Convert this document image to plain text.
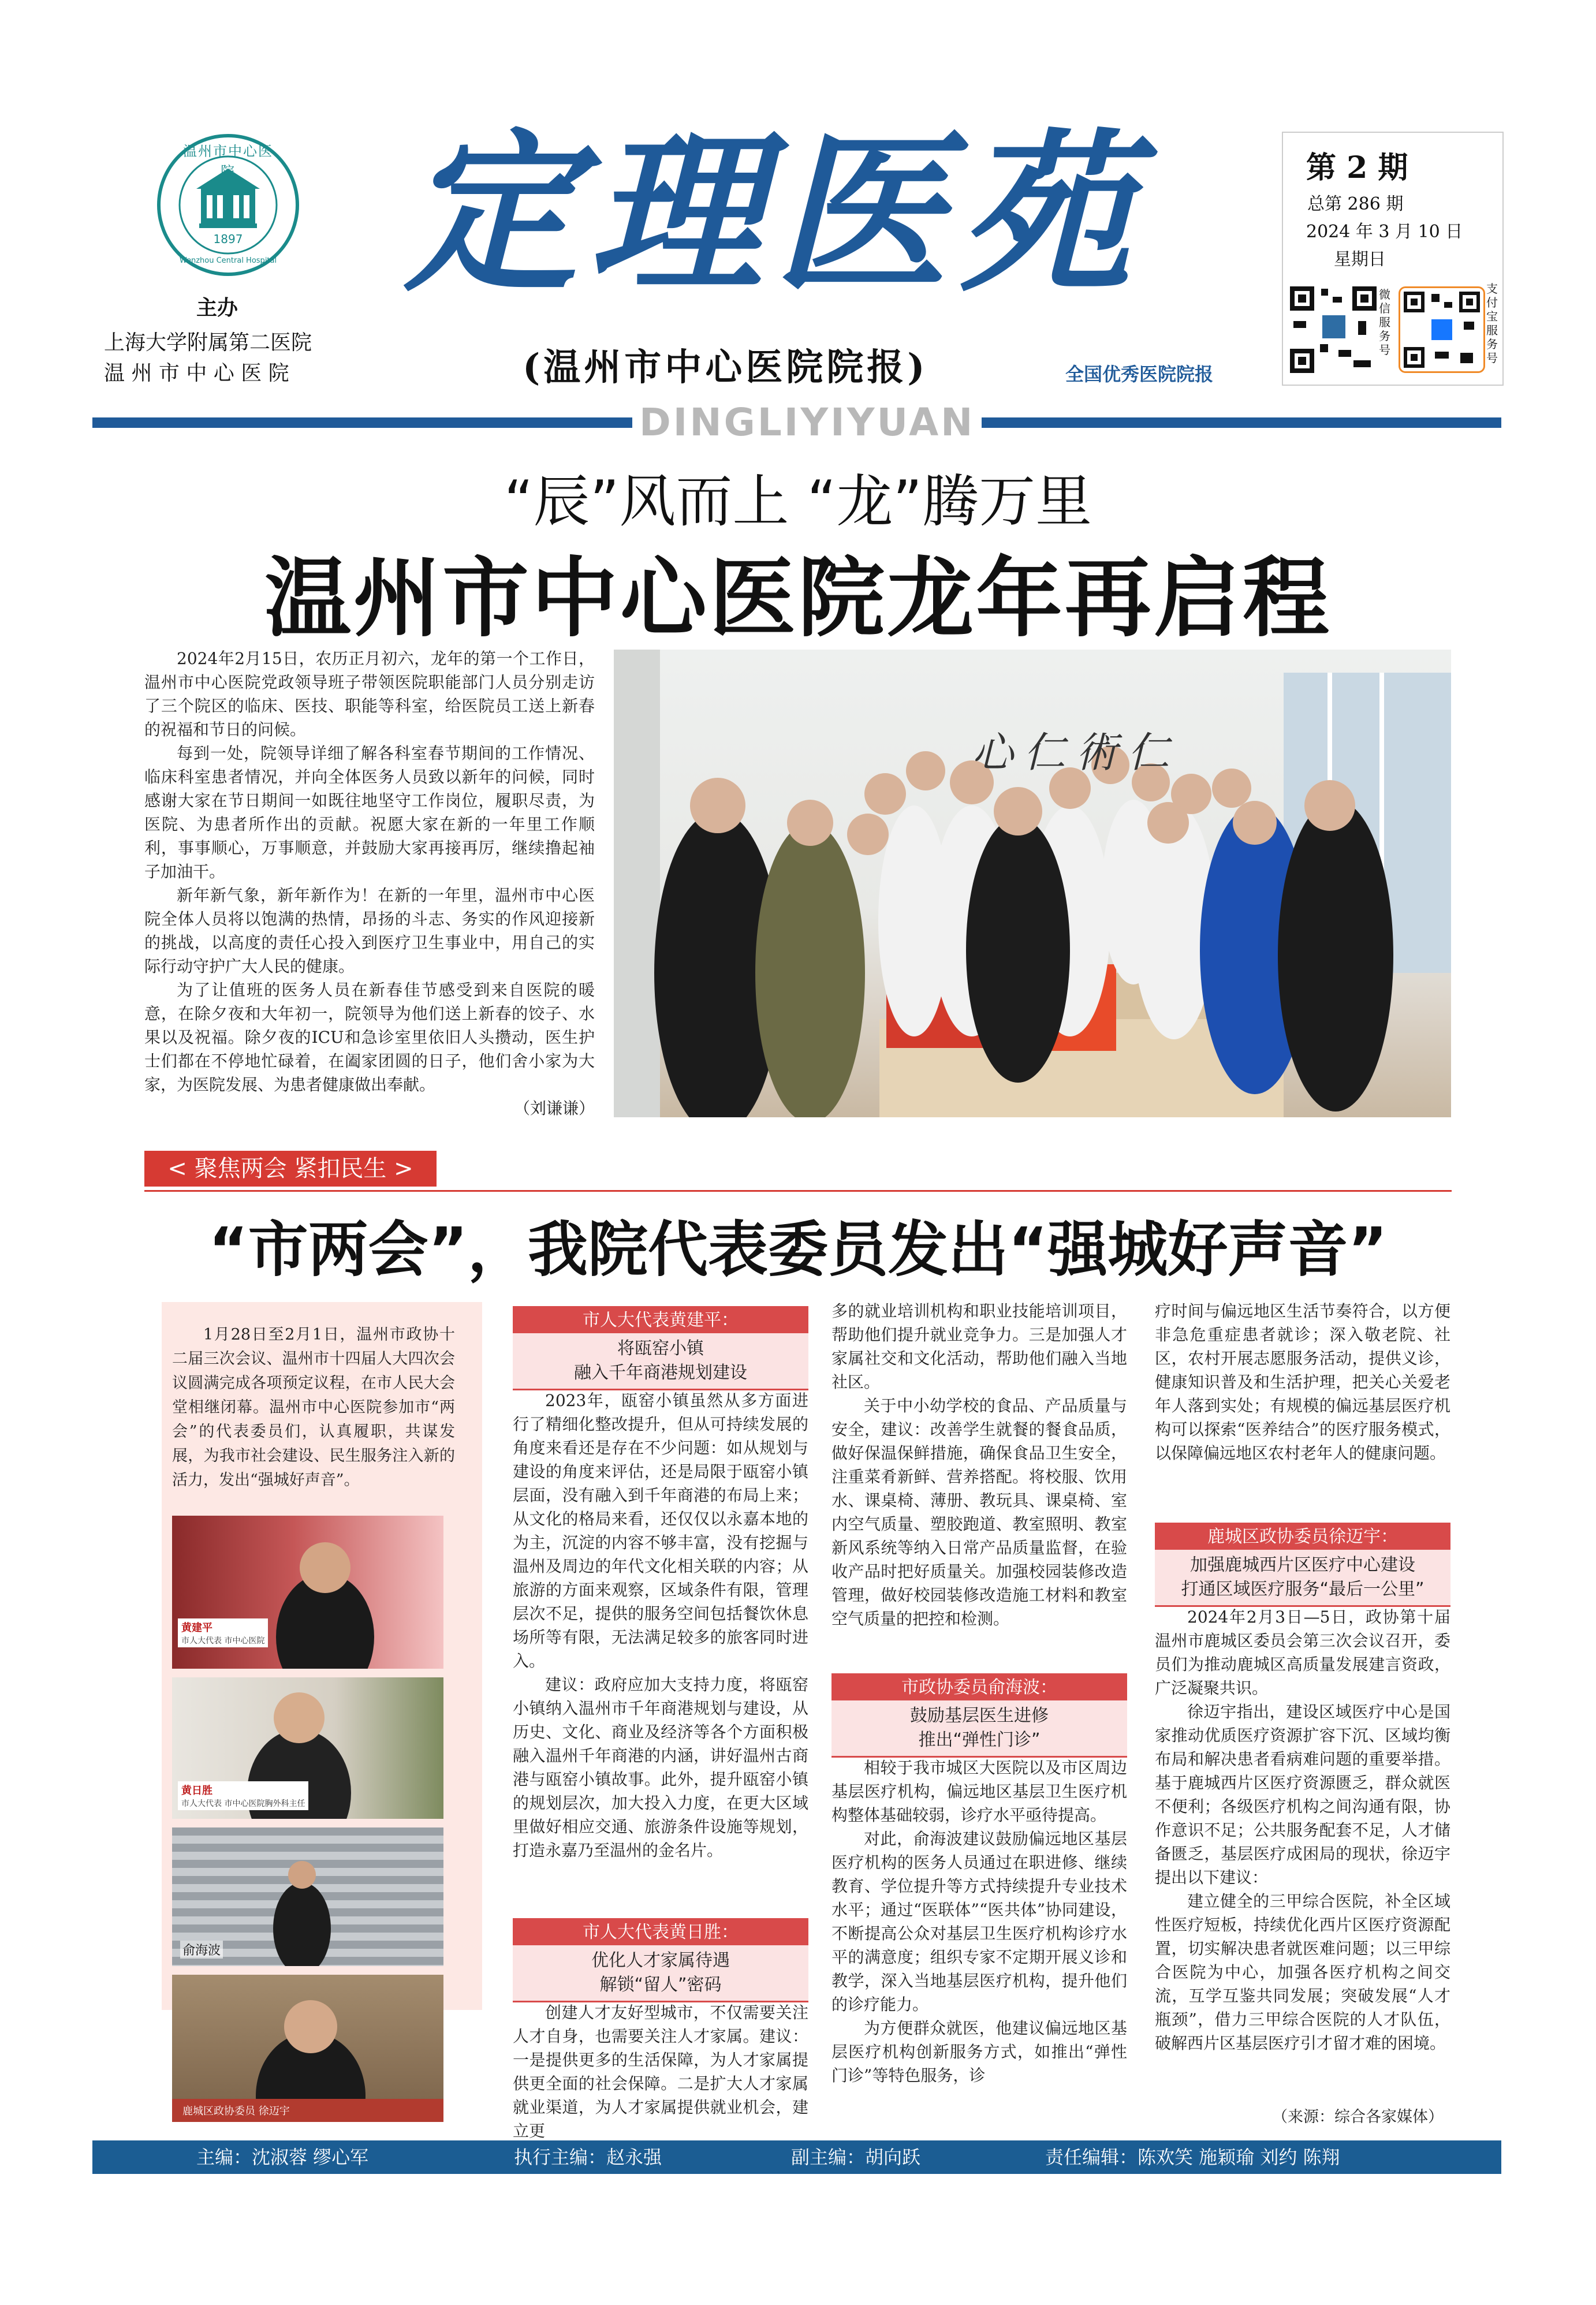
温州市中心医院
1897
Wenzhou Central Hospital
主办
上海大学附属第二医院
温 州 市 中 心 医 院
定理医苑
(温州市中心医院院报)	全国优秀医院院报
DINGLIYIYUAN
第 2 期
总第 286 期
2024 年 3 月 10 日
星期日
微信服务号
支付宝服务号
“辰”风而上 “龙”腾万里
温州市中心医院龙年再启程

2024年2月15日，农历正月初六，龙年的第一个工作日，温州市中心医院党政领导班子带领医院职能部门人员分别走访了三个院区的临床、医技、职能等科室，给医院员工送上新春的祝福和节日的问候。

每到一处，院领导详细了解各科室春节期间的工作情况、临床科室患者情况，并向全体医务人员致以新年的问候，同时感谢大家在节日期间一如既往地坚守工作岗位，履职尽责，为医院、为患者所作出的贡献。祝愿大家在新的一年里工作顺利，事事顺心，万事顺意，并鼓励大家再接再厉，继续撸起袖子加油干。

新年新气象，新年新作为！在新的一年里，温州市中心医院全体人员将以饱满的热情，昂扬的斗志、务实的作风迎接新的挑战，以高度的责任心投入到医疗卫生事业中，用自己的实际行动守护广大人民的健康。

为了让值班的医务人员在新春佳节感受到来自医院的暖意，在除夕夜和大年初一，院领导为他们送上新春的饺子、水果以及祝福。除夕夜的ICU和急诊室里依旧人头攒动，医生护士们都在不停地忙碌着，在阖家团圆的日子，他们舍小家为大家，为医院发展、为患者健康做出奉献。

（刘谦谦）
心仁術仁
< 聚焦两会 紧扣民生 >
“市两会”，我院代表委员发出“强城好声音”

1月28日至2月1日，温州市政协十二届三次会议、温州市十四届人大四次会议圆满完成各项预定议程，在市人民大会堂相继闭幕。温州市中心医院参加市“两会”的代表委员们，认真履职，共谋发展，为我市社会建设、民生服务注入新的活力，发出“强城好声音”。

黄建平
市人大代表 市中心医院
黄日胜
市人大代表 市中心医院胸外科主任
俞海波
鹿城区政协委员 徐迈宇
市人大代表黄建平：
将瓯窑小镇
融入千年商港规划建设

2023年，瓯窑小镇虽然从多方面进行了精细化整改提升，但从可持续发展的角度来看还是存在不少问题：如从规划与建设的角度来评估，还是局限于瓯窑小镇层面，没有融入到千年商港的布局上来；从文化的格局来看，还仅仅以永嘉本地的为主，沉淀的内容不够丰富，没有挖掘与温州及周边的年代文化相关联的内容；从旅游的方面来观察，区域条件有限，管理层次不足，提供的服务空间包括餐饮休息场所等有限，无法满足较多的旅客同时进入。

建议：政府应加大支持力度，将瓯窑小镇纳入温州市千年商港规划与建设，从历史、文化、商业及经济等各个方面积极融入温州千年商港的内涵，讲好温州古商港与瓯窑小镇故事。此外，提升瓯窑小镇的规划层次，加大投入力度，在更大区域里做好相应交通、旅游条件设施等规划，打造永嘉乃至温州的金名片。

市人大代表黄日胜：
优化人才家属待遇
解锁“留人”密码

创建人才友好型城市，不仅需要关注人才自身，也需要关注人才家属。建议：一是提供更多的生活保障，为人才家属提供更全面的社会保障。二是扩大人才家属就业渠道，为人才家属提供就业机会，建立更

多的就业培训机构和职业技能培训项目，帮助他们提升就业竞争力。三是加强人才家属社交和文化活动，帮助他们融入当地社区。

关于中小幼学校的食品、产品质量与安全，建议：改善学生就餐的餐食品质，做好保温保鲜措施，确保食品卫生安全，注重菜肴新鲜、营养搭配。将校服、饮用水、课桌椅、薄册、教玩具、课桌椅、室内空气质量、塑胶跑道、教室照明、教室新风系统等纳入日常产品质量监督，在验收产品时把好质量关。加强校园装修改造管理，做好校园装修改造施工材料和教室空气质量的把控和检测。

市政协委员俞海波：
鼓励基层医生进修
推出“弹性门诊”

相较于我市城区大医院以及市区周边基层医疗机构，偏远地区基层卫生医疗机构整体基础较弱，诊疗水平亟待提高。

对此，俞海波建议鼓励偏远地区基层医疗机构的医务人员通过在职进修、继续教育、学位提升等方式持续提升专业技术水平；通过“医联体”“医共体”协同建设，不断提高公众对基层卫生医疗机构诊疗水平的满意度；组织专家不定期开展义诊和教学，深入当地基层医疗机构，提升他们的诊疗能力。

为方便群众就医，他建议偏远地区基层医疗机构创新服务方式，如推出“弹性门诊”等特色服务，诊

疗时间与偏远地区生活节奏符合，以方便非急危重症患者就诊；深入敬老院、社区，农村开展志愿服务活动，提供义诊，健康知识普及和生活护理，把关心关爱老年人落到实处；有规模的偏远基层医疗机构可以探索“医养结合”的医疗服务模式，以保障偏远地区农村老年人的健康问题。

鹿城区政协委员徐迈宇：
加强鹿城西片区医疗中心建设
打通区域医疗服务“最后一公里”

2024年2月3日—5日，政协第十届温州市鹿城区委员会第三次会议召开，委员们为推动鹿城区高质量发展建言资政，广泛凝聚共识。

徐迈宇指出，建设区域医疗中心是国家推动优质医疗资源扩容下沉、区域均衡布局和解决患者看病难问题的重要举措。基于鹿城西片区医疗资源匮乏，群众就医不便利；各级医疗机构之间沟通有限，协作意识不足；公共服务配套不足，人才储备匮乏，基层医疗成困局的现状，徐迈宇提出以下建议：

建立健全的三甲综合医院，补全区域性医疗短板，持续优化西片区医疗资源配置，切实解决患者就医难问题；以三甲综合医院为中心，加强各医疗机构之间交流，互学互鉴共同发展；突破发展“人才瓶颈”，借力三甲综合医院的人才队伍，破解西片区基层医疗引才留才难的困境。

（来源：综合各家媒体）
主编：沈淑蓉 缪心军	执行主编：赵永强	副主编：胡向跃	责任编辑：陈欢笑 施颖瑜 刘约 陈翔
